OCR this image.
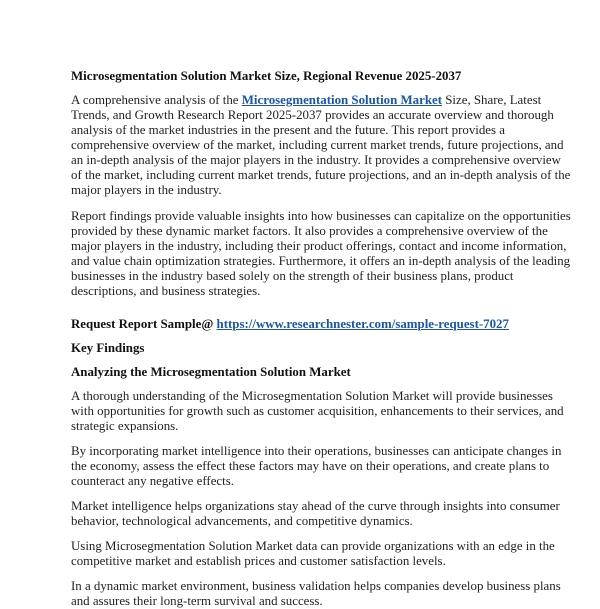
Microsegmentation Solution Market Size, Regional Revenue 2025-2037
A comprehensive analysis of the Microsegmentation Solution Market Size, Share, Latest
Trends, and Growth Research Report 2025-2037 provides an accurate overview and thorough
analysis of the market industries in the present and the future. This report provides a
comprehensive overview of the market, including current market trends, future projections, and
an in-depth analysis of the major players in the industry. It provides a comprehensive overview
of the market, including current market trends, future projections, and an in-depth analysis of the
major players in the industry.
Report findings provide valuable insights into how businesses can capitalize on the opportunities
provided by these dynamic market factors. It also provides a comprehensive overview of the
major players in the industry, including their product offerings, contact and income information,
and value chain optimization strategies. Furthermore, it offers an in-depth analysis of the leading
businesses in the industry based solely on the strength of their business plans, product
descriptions, and business strategies.
Request Report Sample@ https://www.researchnester.com/sample-request-7027
Key Findings
Analyzing the Microsegmentation Solution Market
A thorough understanding of the Microsegmentation Solution Market will provide businesses
with opportunities for growth such as customer acquisition, enhancements to their services, and
strategic expansions.
By incorporating market intelligence into their operations, businesses can anticipate changes in
the economy, assess the effect these factors may have on their operations, and create plans to
counteract any negative effects.
Market intelligence helps organizations stay ahead of the curve through insights into consumer
behavior, technological advancements, and competitive dynamics.
Using Microsegmentation Solution Market data can provide organizations with an edge in the
competitive market and establish prices and customer satisfaction levels.
In a dynamic market environment, business validation helps companies develop business plans
and assures their long-term survival and success.
